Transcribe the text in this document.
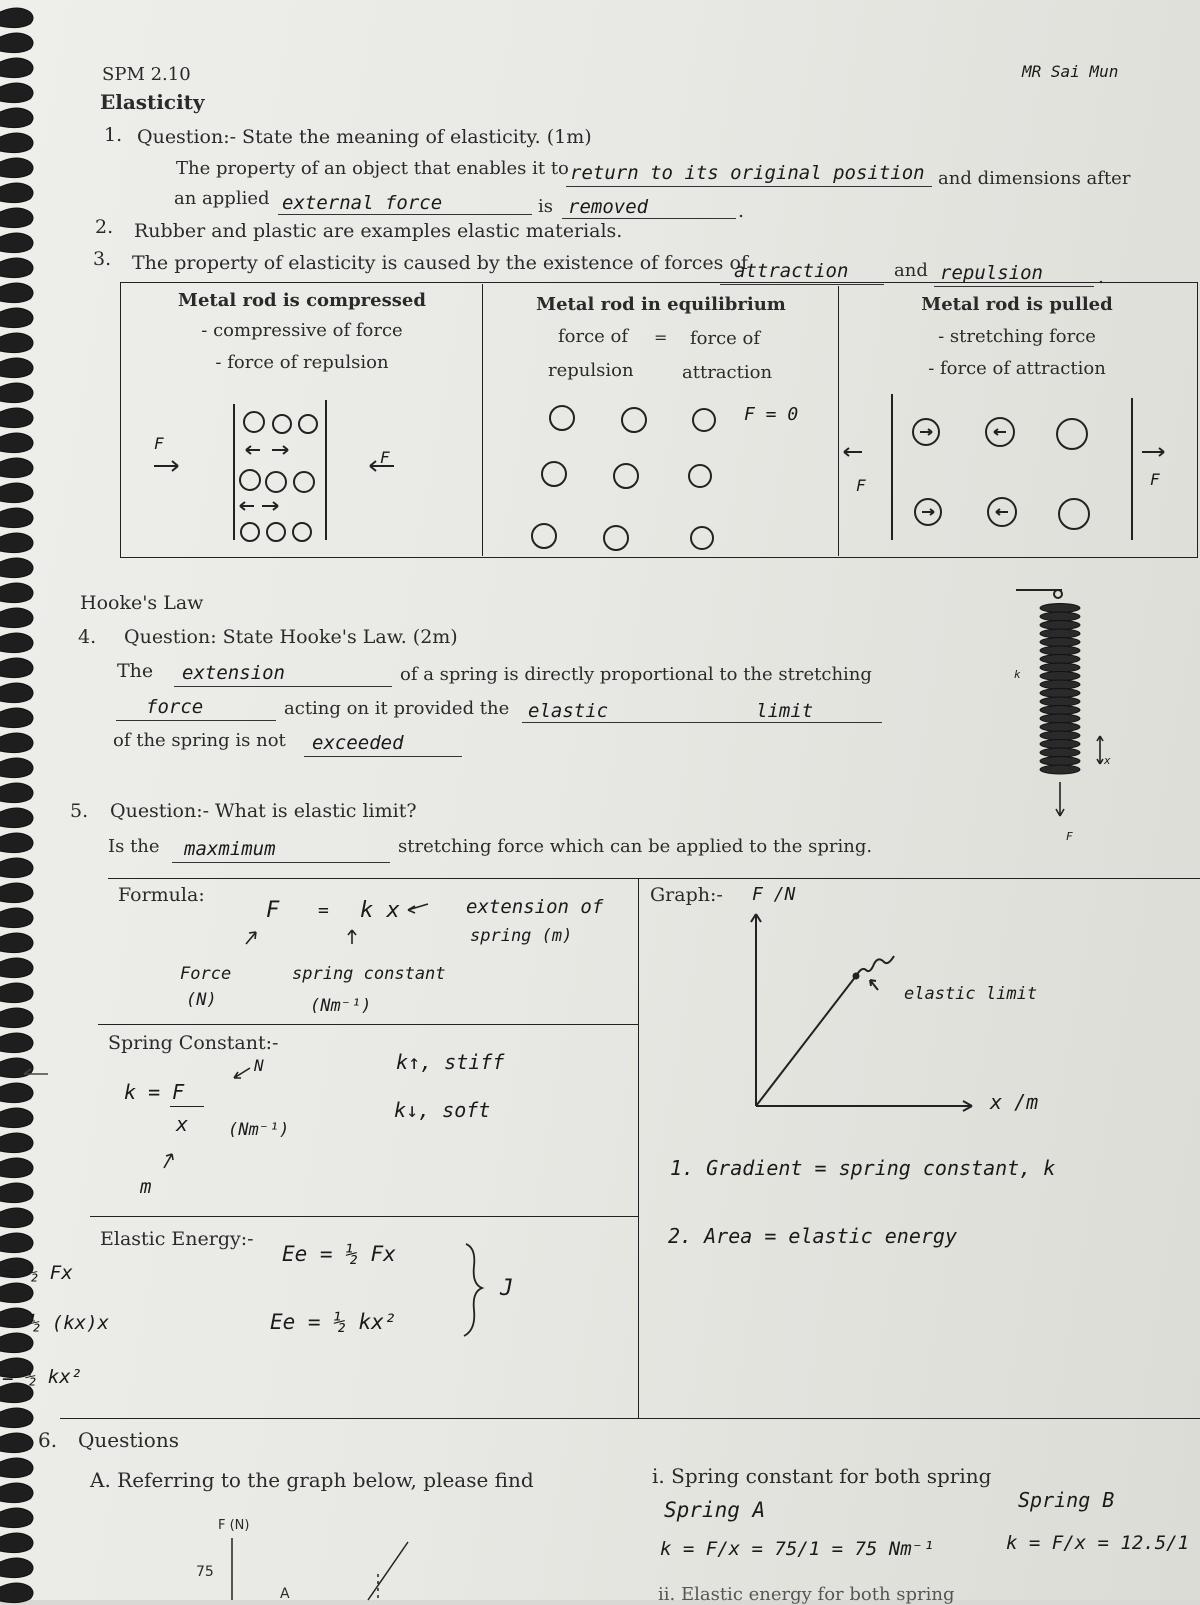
SPM 2.10
Elasticity
MR Sai Mun
1. Question:- State the meaning of elasticity. (1m)
The property of an object that enables it to return to its original position and dimensions after
an applied external force	is removed	.
2. Rubber and plastic are examples elastic materials.
3. The property of elasticity is caused by the existence of forces of
attraction	and repulsion	.
Metal rod is compressed
- compressive of force
- force of repulsion
F
F
Metal rod in equilibrium
force of = force of
repulsion	attraction
F = 0
Metal rod is pulled
- stretching force
- force of attraction
F	F
Hooke's Law
4. Question: State Hooke's Law. (2m)
The extension	of a spring is directly proportional to the stretching
force	acting on it provided the elastic	limit
of the spring is not exceeded
k
x
F
5. Question:- What is elastic limit?
Is the maxmimum	stretching force which can be applied to the spring.
Formula:
F = k x	extension of
spring (m)
Force
(N)
spring constant
(Nm⁻¹)
Spring Constant:-
k = F
x (Nm⁻¹)
N
m
k↑, stiff
k↓, soft
Elastic Energy:-
Ee = ½ Fx
Ee = ½ kx²
J
= ½ Fx
= ½ (kx)x
= ½ kx²
Graph:- F /N
elastic limit
x /m
1. Gradient = spring constant, k
2. Area = elastic energy
6. Questions
A. Referring to the graph below, please find	i. Spring constant for both spring
Spring A	Spring B
k = F/x = 75/1 = 75 Nm⁻¹	k = F/x = 12.5/1
ii. Elastic energy for both spring
F (N)
75
A
